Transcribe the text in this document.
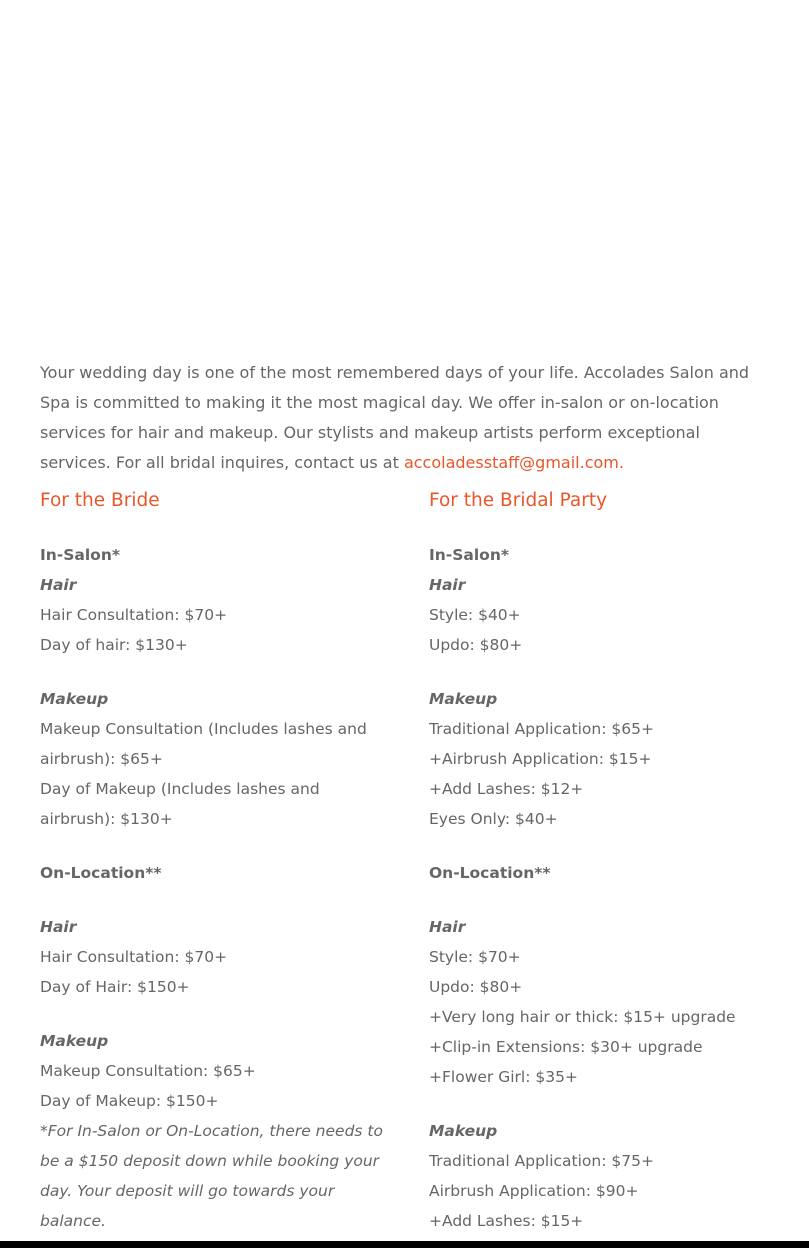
Your wedding day is one of the most remembered days of your life. Accolades Salon and Spa is committed to making it the most magical day. We offer in-salon or on-location services for hair and makeup. Our stylists and makeup artists perform exceptional services. For all bridal inquires, contact us at accoladesstaff@gmail.com.

For the Bride
In-Salon*
Hair
Hair Consultation: $70+
Day of hair: $130+
Makeup
Makeup Consultation (Includes lashes and airbrush): $65+
Day of Makeup (Includes lashes and airbrush): $130+
On-Location**
Hair
Hair Consultation: $70+
Day of Hair: $150+
Makeup
Makeup Consultation: $65+
Day of Makeup: $150+
*For In-Salon or On-Location, there needs to be a $150 deposit down while booking your day. Your deposit will go towards your balance.
For the Bridal Party
In-Salon*
Hair
Style: $40+
Updo: $80+
Makeup
Traditional Application: $65+
+Airbrush Application: $15+
+Add Lashes: $12+
Eyes Only: $40+
On-Location**
Hair
Style: $70+
Updo: $80+
+Very long hair or thick: $15+ upgrade
+Clip-in Extensions: $30+ upgrade
+Flower Girl: $35+
Makeup
Traditional Application: $75+
Airbrush Application: $90+
+Add Lashes: $15+
